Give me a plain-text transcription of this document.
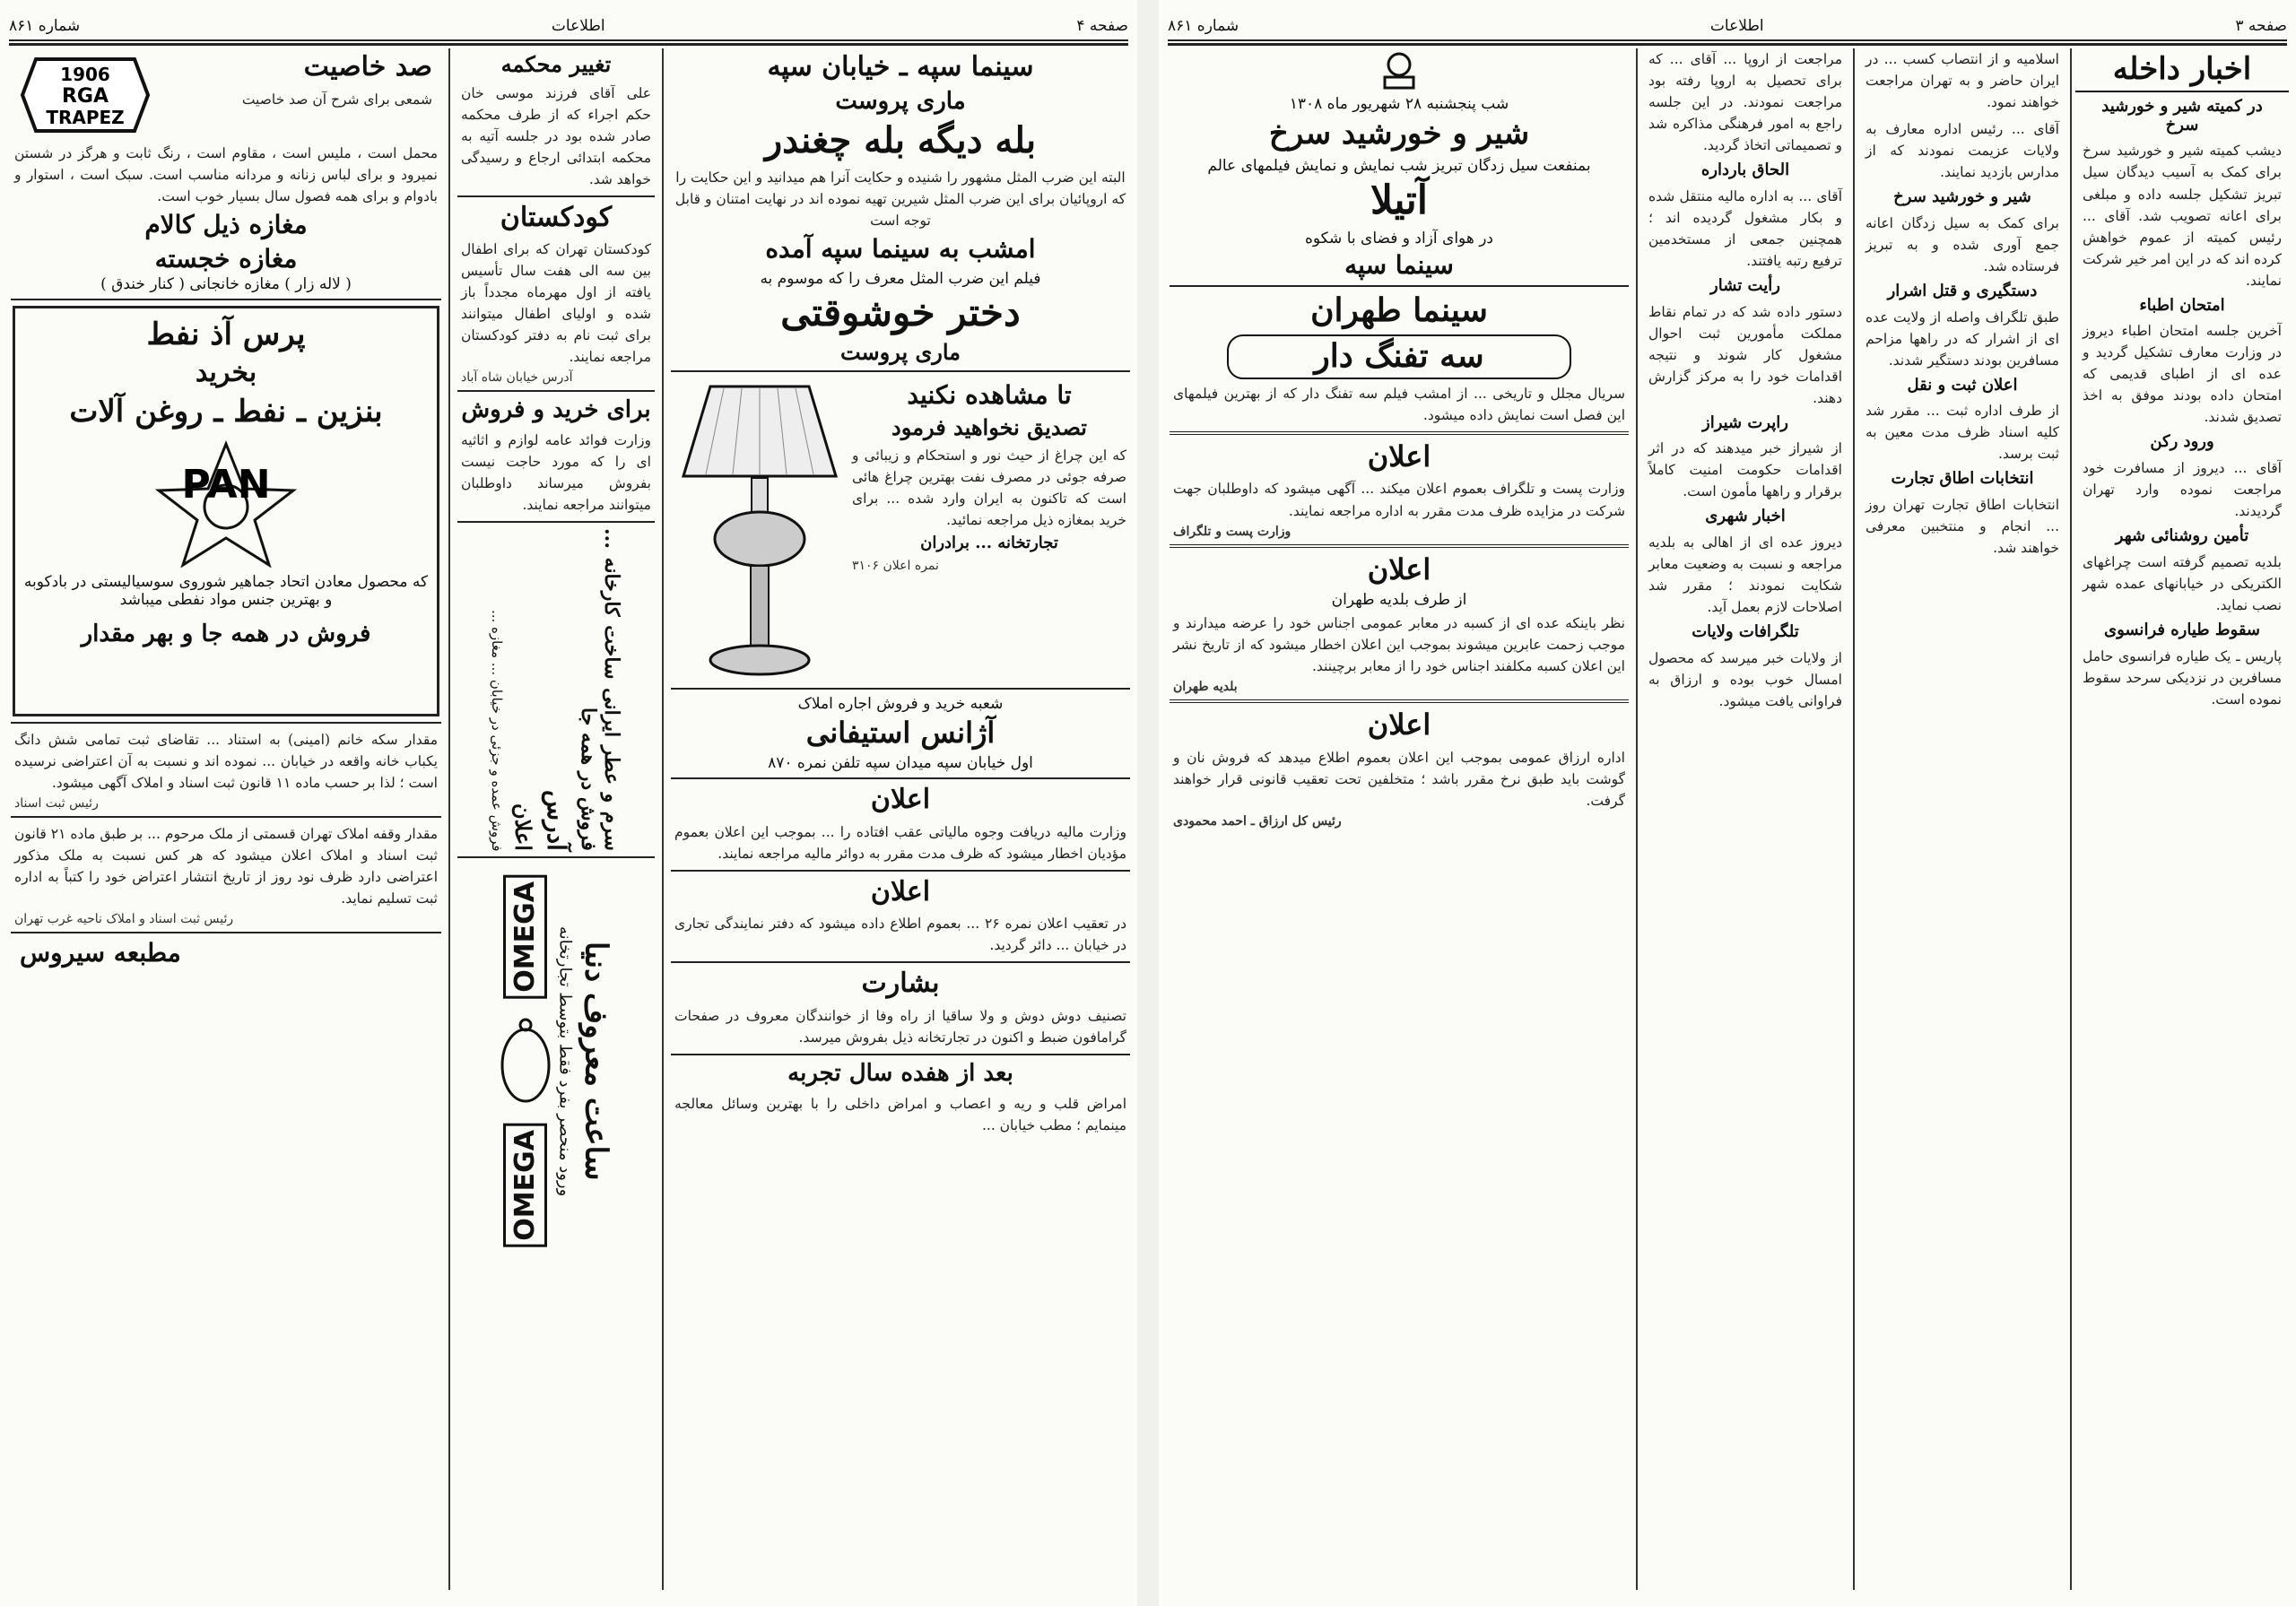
صفحه ۴
اطلاعات
شماره ۸۶۱
1906
RGA
TRAPEZ
صد خاصیت
شمعی برای شرح آن صد خاصیت
محمل است ، ملیس است ، مقاوم است ، رنگ ثابت و هرگز در شستن نمیرود و برای لباس زنانه و مردانه مناسب است. سبک است ، استوار و بادوام و برای همه فصول سال بسیار خوب است.
مغازه ذیل کالام
مغازه خجسته
( لاله زار ) مغازه خانجانی ( کنار خندق )
پرس آذ نفط
بخرید
بنزین ـ نفط ـ روغن آلات
PAN
که محصول معادن اتحاد جماهیر شوروی سوسیالیستی در بادکوبه و بهترین جنس مواد نفطی میباشد
فروش در همه جا و بهر مقدار
مقدار سکه خانم (امینی) به استناد ... تقاضای ثبت تمامی شش دانگ یکباب خانه واقعه در خیابان ... نموده اند و نسبت به آن اعتراضی نرسیده است ؛ لذا بر حسب ماده ۱۱ قانون ثبت اسناد و املاک آگهی میشود.
رئیس ثبت اسناد
مقدار وقفه املاک تهران قسمتی از ملک مرحوم ... بر طبق ماده ۲۱ قانون ثبت اسناد و املاک اعلان میشود که هر کس نسبت به ملک مذکور اعتراضی دارد ظرف نود روز از تاریخ انتشار اعتراض خود را کتباً به اداره ثبت تسلیم نماید.
رئیس ثبت اسناد و املاک ناحیه غرب تهران
مطبعه سیروس
تغییر محکمه
علی آقای فرزند موسی خان حکم اجراء که از طرف محکمه صادر شده بود در جلسه آتیه به محکمه ابتدائی ارجاع و رسیدگی خواهد شد.
کودکستان
کودکستان تهران که برای اطفال بین سه الی هفت سال تأسیس یافته از اول مهرماه مجدداً باز شده و اولیای اطفال میتوانند برای ثبت نام به دفتر کودکستان مراجعه نمایند.
آدرس خیابان شاه آباد
برای خرید و فروش
وزارت فوائد عامه لوازم و اثاثیه ای را که مورد حاجت نیست بفروش میرساند داوطلبان میتوانند مراجعه نمایند.
سرم و عطر ایرانی ساخت کارخانه ... فروش در همه جا
آدرس
اعلان
فروش عمده و جزئی در خیابان ... مغازه ...
ساعت معروف دنیا
ورود منحصر بفرد فقط بتوسط تجارتخانه
OMEGA
OMEGA
سینما سپه ـ خیابان سپه
ماری پروست
بله دیگه بله چغندر
البته این ضرب المثل مشهور را شنیده و حکایت آنرا هم میدانید و این حکایت را که اروپائیان برای این ضرب المثل شیرین تهیه نموده اند در نهایت امتنان و قابل توجه است
امشب به سینما سپه آمده
فیلم این ضرب المثل معرف را که موسوم به
دختر خوشوقتی
ماری پروست
تا مشاهده نکنید
تصدیق نخواهید فرمود
که این چراغ از حیث نور و استحکام و زیبائی و صرفه جوئی در مصرف نفت بهترین چراغ هائی است که تاکنون به ایران وارد شده ... برای خرید بمغازه ذیل مراجعه نمائید.
تجارتخانه ... برادران
نمره اعلان ۳۱۰۶
شعبه خرید و فروش اجاره املاک
آژانس استیفانی
اول خیابان سپه میدان سپه تلفن نمره ۸۷۰
اعلان
وزارت مالیه دریافت وجوه مالیاتی عقب افتاده را ... بموجب این اعلان بعموم مؤدیان اخطار میشود که ظرف مدت مقرر به دوائر مالیه مراجعه نمایند.
اعلان
در تعقیب اعلان نمره ۲۶ ... بعموم اطلاع داده میشود که دفتر نمایندگی تجاری در خیابان ... دائر گردید.
بشارت
تصنیف دوش دوش و ولا ساقیا از راه وفا از خوانندگان معروف در صفحات گرامافون ضبط و اکنون در تجارتخانه ذیل بفروش میرسد.
بعد از هفده سال تجربه
امراض قلب و ریه و اعصاب و امراض داخلی را با بهترین وسائل معالجه مینمایم ؛ مطب خیابان ...
صفحه ۳
اطلاعات
شماره ۸۶۱
شب پنجشنبه ۲۸ شهریور ماه ۱۳۰۸
شیر و خورشید سرخ
بمنفعت سیل زدگان تبریز شب نمایش و نمایش فیلمهای عالم
آتیلا
در هوای آزاد و فضای با شکوه
سینما سپه
سینما طهران
سه تفنگ دار
سریال مجلل و تاریخی ... از امشب فیلم سه تفنگ دار که از بهترین فیلمهای این فصل است نمایش داده میشود.
اعلان
وزارت پست و تلگراف بعموم اعلان میکند ... آگهی میشود که داوطلبان جهت شرکت در مزایده ظرف مدت مقرر به اداره مراجعه نمایند.
وزارت پست و تلگراف
اعلان
از طرف بلدیه طهران
نظر باینکه عده ای از کسبه در معابر عمومی اجناس خود را عرضه میدارند و موجب زحمت عابرین میشوند بموجب این اعلان اخطار میشود که از تاریخ نشر این اعلان کسبه مکلفند اجناس خود را از معابر برچینند.
بلدیه طهران
اعلان
اداره ارزاق عمومی بموجب این اعلان بعموم اطلاع میدهد که فروش نان و گوشت باید طبق نرخ مقرر باشد ؛ متخلفین تحت تعقیب قانونی قرار خواهند گرفت.
رئیس کل ارزاق ـ احمد محمودی
مراجعت از اروپا ... آقای ... که برای تحصیل به اروپا رفته بود مراجعت نمودند. در این جلسه راجع به امور فرهنگی مذاکره شد و تصمیماتی اتخاذ گردید.
الحاق بارداره
آقای ... به اداره مالیه منتقل شده و بکار مشغول گردیده اند ؛ همچنین جمعی از مستخدمین ترفیع رتبه یافتند.
رأیت تشار
دستور داده شد که در تمام نقاط مملکت مأمورین ثبت احوال مشغول کار شوند و نتیجه اقدامات خود را به مرکز گزارش دهند.
راپرت شیراز
از شیراز خبر میدهند که در اثر اقدامات حکومت امنیت کاملاً برقرار و راهها مأمون است.
اخبار شهری
دیروز عده ای از اهالی به بلدیه مراجعه و نسبت به وضعیت معابر شکایت نمودند ؛ مقرر شد اصلاحات لازم بعمل آید.
تلگرافات ولایات
از ولایات خبر میرسد که محصول امسال خوب بوده و ارزاق به فراوانی یافت میشود.
اسلامیه و از انتصاب کسب ... در ایران حاضر و به تهران مراجعت خواهند نمود.
آقای ... رئیس اداره معارف به ولایات عزیمت نمودند که از مدارس بازدید نمایند.
شیر و خورشید سرخ
برای کمک به سیل زدگان اعانه جمع آوری شده و به تبریز فرستاده شد.
دستگیری و قتل اشرار
طبق تلگراف واصله از ولایت عده ای از اشرار که در راهها مزاحم مسافرین بودند دستگیر شدند.
اعلان ثبت و نقل
از طرف اداره ثبت ... مقرر شد کلیه اسناد ظرف مدت معین به ثبت برسد.
انتخابات اطاق تجارت
انتخابات اطاق تجارت تهران روز ... انجام و منتخبین معرفی خواهند شد.
اخبار داخله
در کمیته شیر و خورشید سرخ
دیشب کمیته شیر و خورشید سرخ برای کمک به آسیب دیدگان سیل تبریز تشکیل جلسه داده و مبلغی برای اعانه تصویب شد. آقای ... رئیس کمیته از عموم خواهش کرده اند که در این امر خیر شرکت نمایند.
امتحان اطباء
آخرین جلسه امتحان اطباء دیروز در وزارت معارف تشکیل گردید و عده ای از اطبای قدیمی که امتحان داده بودند موفق به اخذ تصدیق شدند.
ورود رکن
آقای ... دیروز از مسافرت خود مراجعت نموده وارد تهران گردیدند.
تأمین روشنائی شهر
بلدیه تصمیم گرفته است چراغهای الکتریکی در خیابانهای عمده شهر نصب نماید.
سقوط طیاره فرانسوی
پاریس ـ یک طیاره فرانسوی حامل مسافرین در نزدیکی سرحد سقوط نموده است.
